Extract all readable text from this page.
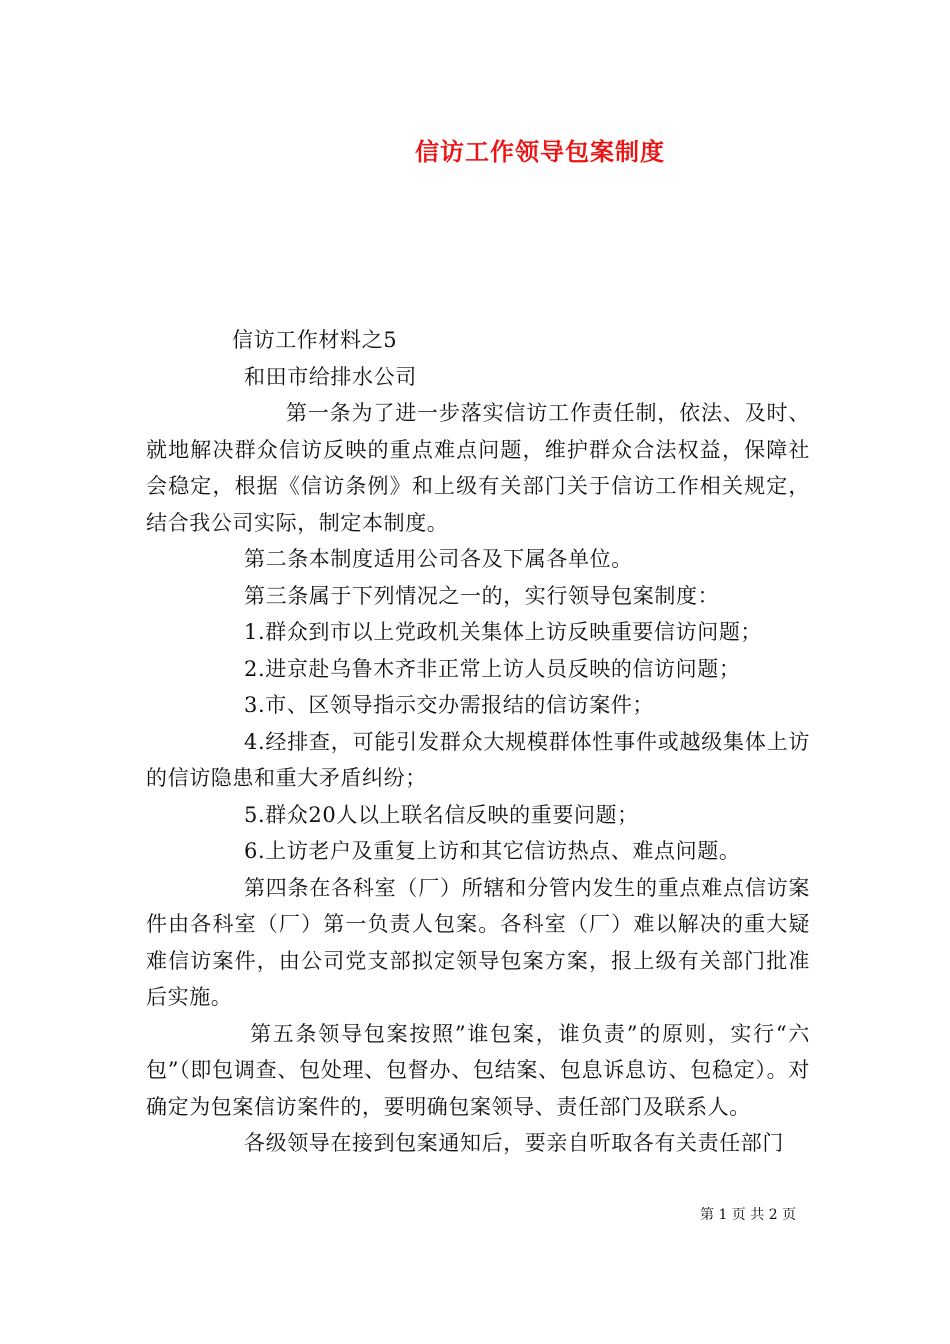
信访工作领导包案制度

信访工作材料之5

和田市给排水公司

第一条为了进一步落实信访工作责任制，依法、及时、就地解决群众信访反映的重点难点问题，维护群众合法权益，保障社会稳定，根据《信访条例》和上级有关部门关于信访工作相关规定，结合我公司实际，制定本制度。

第二条本制度适用公司各及下属各单位。

第三条属于下列情况之一的，实行领导包案制度：

1.群众到市以上党政机关集体上访反映重要信访问题；

2.进京赴乌鲁木齐非正常上访人员反映的信访问题；

3.市、区领导指示交办需报结的信访案件；

4.经排查，可能引发群众大规模群体性事件或越级集体上访的信访隐患和重大矛盾纠纷；

5.群众20人以上联名信反映的重要问题；

6.上访老户及重复上访和其它信访热点、难点问题。

第四条在各科室（厂）所辖和分管内发生的重点难点信访案件由各科室（厂）第一负责人包案。各科室（厂）难以解决的重大疑难信访案件，由公司党支部拟定领导包案方案，报上级有关部门批准后实施。

第五条领导包案按照”谁包案，谁负责”的原则，实行“六包”（即包调查、包处理、包督办、包结案、包息诉息访、包稳定）。对确定为包案信访案件的，要明确包案领导、责任部门及联系人。

各级领导在接到包案通知后，要亲自听取各有关责任部门

第 1 页 共 2 页
